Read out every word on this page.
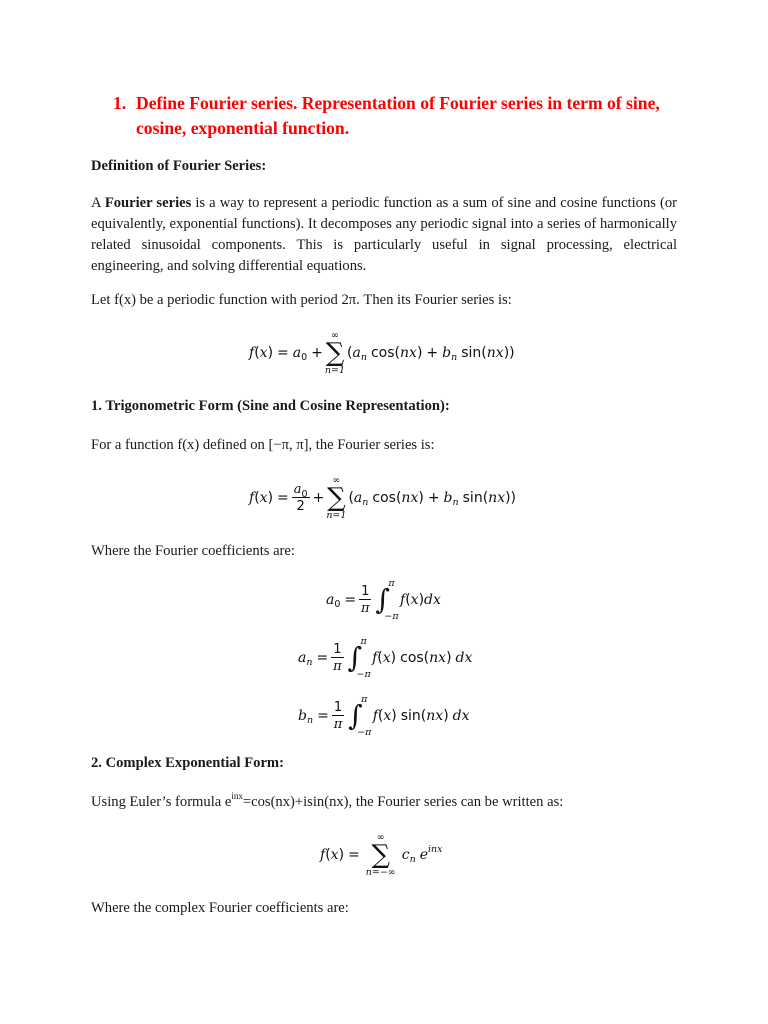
1. Define Fourier series. Representation of Fourier series in term of sine, cosine, exponential function.
Definition of Fourier Series:
A Fourier series is a way to represent a periodic function as a sum of sine and cosine functions (or equivalently, exponential functions). It decomposes any periodic signal into a series of harmonically related sinusoidal components. This is particularly useful in signal processing, electrical engineering, and solving differential equations.
Let f(x) be a periodic function with period 2π. Then its Fourier series is:
f ( x ) = a 0 +
∞
∑
n=1
( a n cos( nx ) + b n sin( nx ))
1. Trigonometric Form (Sine and Cosine Representation):
For a function f(x) defined on [−π, π], the Fourier series is:
f ( x ) = $\frac{a_0}{2}$ +
∞
∑
n=1
( a n cos( nx ) + b n sin( nx ))
Where the Fourier coefficients are:
a $0 = \frac{1}{\pi}$ ∫
π
−π
f ( x ) dx
a $n = \frac{1}{\pi}$ ∫
π
−π
f ( x ) cos( nx ) dx
b $n = \frac{1}{\pi}$ ∫
π
−π
f ( x ) sin( nx ) dx
2. Complex Exponential Form:
Using Euler’s formula $e^{inx}=\cos(nx)+isin(nx)$, the Fourier series can be written as:
f ( x ) =
∞
∑
n=−∞
c n e inx
Where the complex Fourier coefficients are:
